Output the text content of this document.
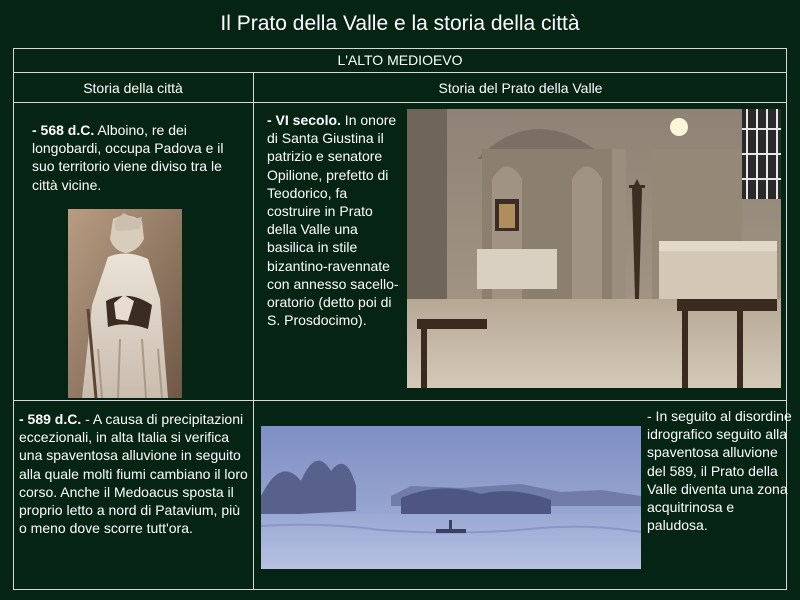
Il Prato della Valle e la storia della città
L'ALTO MEDIOEVO
Storia della città	Storia del Prato della Valle
- 568 d.C. Alboino, re dei longobardi, occupa Padova e il suo territorio viene diviso tra le città vicine.
- VI secolo. In onore di Santa Giustina il patrizio e senatore Opilione, prefetto di Teodorico, fa costruire in Prato della Valle una basilica in stile bizantino-ravennate con annesso sacello-oratorio (detto poi di S. Prosdocimo).
- 589 d.C. - A causa di precipitazioni eccezionali, in alta Italia si verifica una spaventosa alluvione in seguito alla quale molti fiumi cambiano il loro corso. Anche il Medoacus sposta il proprio letto a nord di Patavium, più o meno dove scorre tutt'ora.
- In seguito al disordine idrografico seguito alla spaventosa alluvione del 589, il Prato della Valle diventa una zona acquitrinosa e paludosa.
